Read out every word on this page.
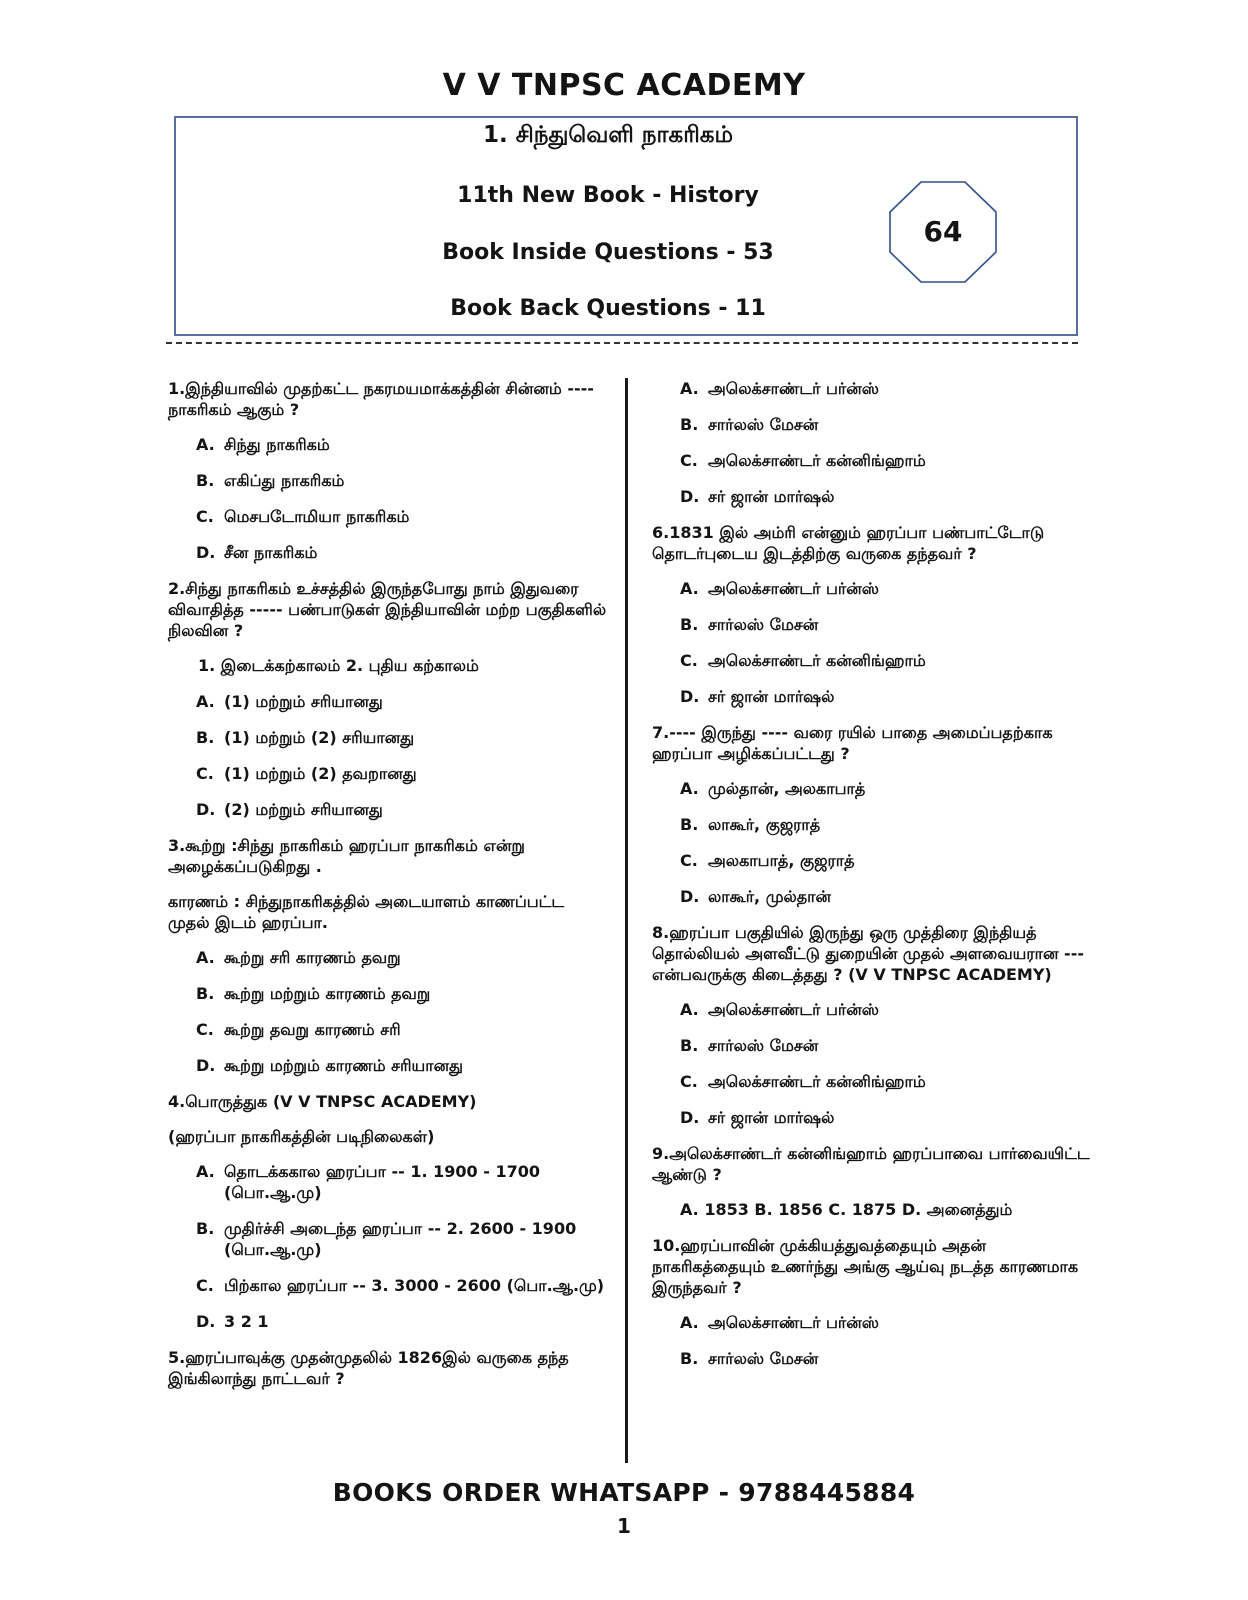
V V TNPSC ACADEMY
1. சிந்துவெளி நாகரிகம்
11th New Book - History
Book Inside Questions - 53
Book Back Questions - 11
64
1.இந்தியாவில் முதற்கட்ட நகரமயமாக்கத்தின் சின்னம் ---- நாகரிகம் ஆகும் ?
A. சிந்து நாகரிகம்
B. எகிப்து நாகரிகம்
C. மெசபடோமியா நாகரிகம்
D. சீன நாகரிகம்
2.சிந்து நாகரிகம் உச்சத்தில் இருந்தபோது நாம் இதுவரை விவாதித்த ----- பண்பாடுகள் இந்தியாவின் மற்ற பகுதிகளில் நிலவின ?
1. இடைக்கற்காலம் 2. புதிய கற்காலம்
A. (1) மற்றும் சரியானது
B. (1) மற்றும் (2) சரியானது
C. (1) மற்றும் (2) தவறானது
D. (2) மற்றும் சரியானது
3.கூற்று :சிந்து நாகரிகம் ஹரப்பா நாகரிகம் என்று அழைக்கப்படுகிறது .
காரணம் : சிந்துநாகரிகத்தில் அடையாளம் காணப்பட்ட முதல் இடம் ஹரப்பா.
A. கூற்று சரி காரணம் தவறு
B. கூற்று மற்றும் காரணம் தவறு
C. கூற்று தவறு காரணம் சரி
D. கூற்று மற்றும் காரணம் சரியானது
4.பொருத்துக (V V TNPSC ACADEMY)
(ஹரப்பா நாகரிகத்தின் படிநிலைகள்)
A. தொடக்ககால ஹரப்பா -- 1. 1900 - 1700 (பொ.ஆ.மு)
B. முதிர்ச்சி அடைந்த ஹரப்பா -- 2. 2600 - 1900 (பொ.ஆ.மு)
C. பிற்கால ஹரப்பா -- 3. 3000 - 2600 (பொ.ஆ.மு)
D. 3 2 1
5.ஹரப்பாவுக்கு முதன்முதலில் 1826இல் வருகை தந்த இங்கிலாந்து நாட்டவர் ?
A. அலெக்சாண்டர் பர்ன்ஸ்
B. சார்லஸ் மேசன்
C. அலெக்சாண்டர் கன்னிங்ஹாம்
D. சர் ஜான் மார்ஷல்
6.1831 இல் அம்ரி என்னும் ஹரப்பா பண்பாட்டோடு தொடர்புடைய இடத்திற்கு வருகை தந்தவர் ?
A. அலெக்சாண்டர் பர்ன்ஸ்
B. சார்லஸ் மேசன்
C. அலெக்சாண்டர் கன்னிங்ஹாம்
D. சர் ஜான் மார்ஷல்
7.---- இருந்து ---- வரை ரயில் பாதை அமைப்பதற்காக ஹரப்பா அழிக்கப்பட்டது ?
A. முல்தான், அலகாபாத்
B. லாகூர், குஜராத்
C. அலகாபாத், குஜராத்
D. லாகூர், முல்தான்
8.ஹரப்பா பகுதியில் இருந்து ஒரு முத்திரை இந்தியத் தொல்லியல் அளவீட்டு துறையின் முதல் அளவையரான --- என்பவருக்கு கிடைத்தது ? (V V TNPSC ACADEMY)
A. அலெக்சாண்டர் பர்ன்ஸ்
B. சார்லஸ் மேசன்
C. அலெக்சாண்டர் கன்னிங்ஹாம்
D. சர் ஜான் மார்ஷல்
9.அலெக்சாண்டர் கன்னிங்ஹாம் ஹரப்பாவை பார்வையிட்ட ஆண்டு ?
A. 1853 B. 1856 C. 1875 D. அனைத்தும்
10.ஹரப்பாவின் முக்கியத்துவத்தையும் அதன் நாகரிகத்தையும் உணர்ந்து அங்கு ஆய்வு நடத்த காரணமாக இருந்தவர் ?
A. அலெக்சாண்டர் பர்ன்ஸ்
B. சார்லஸ் மேசன்
BOOKS ORDER WHATSAPP - 9788445884
1
